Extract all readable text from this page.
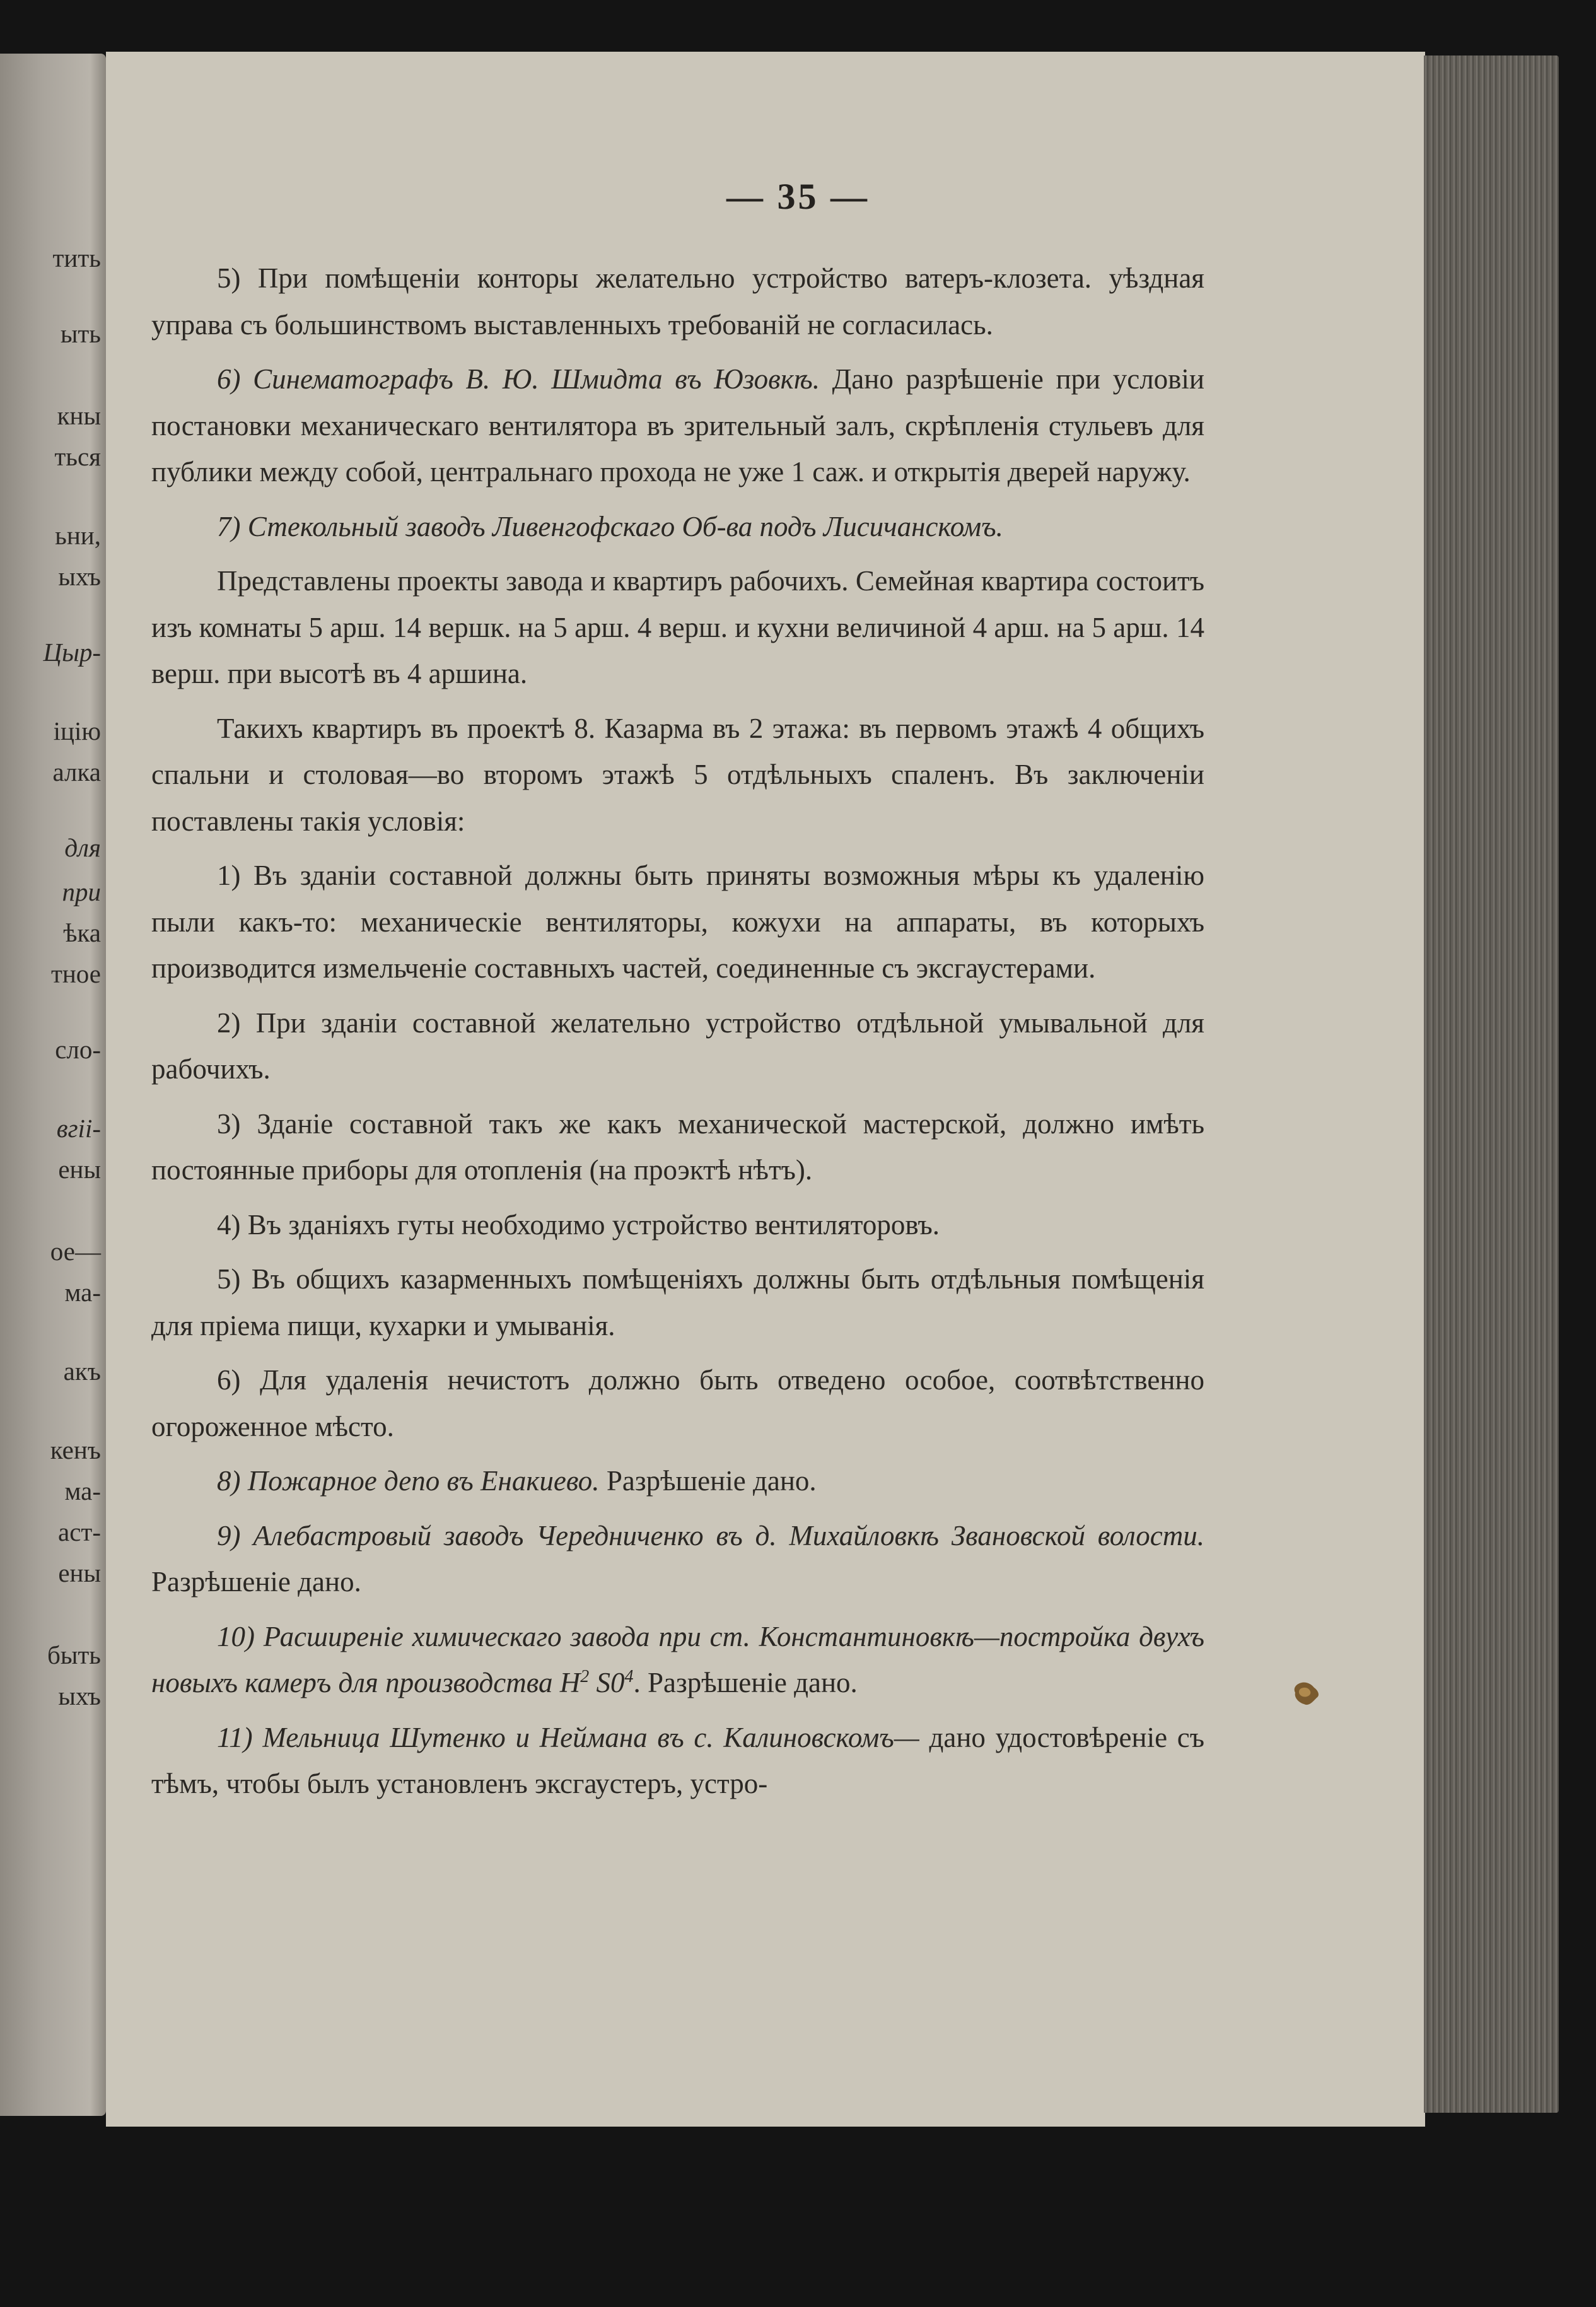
тить
ыть
кны
ться
ьни,
ыхъ
Цыр-
іцію
алка
для
при
ѣка
тное
сло-
вгіі-
ены
ое—
ма-
акъ
кенъ
ма-
аст-
ены
быть
ыхъ
— 35 —

5) При помѣщеніи конторы желательно устройство ватеръ-клозета. уѣздная управа съ большинствомъ выставленныхъ требованій не согласилась.

6) Синематографъ В. Ю. Шмидта въ Юзовкѣ. Дано разрѣшеніе при условіи постановки механическаго вентилятора въ зрительный залъ, скрѣпленія стульевъ для публики между собой, центральнаго прохода не уже 1 саж. и открытія дверей наружу.

7) Стекольный заводъ Ливенгофскаго Об-ва подъ Лисичанскомъ.

Представлены проекты завода и квартиръ рабочихъ. Семейная квартира состоитъ изъ комнаты 5 арш. 14 вершк. на 5 арш. 4 верш. и кухни величиной 4 арш. на 5 арш. 14 верш. при высотѣ въ 4 аршина.

Такихъ квартиръ въ проектѣ 8. Казарма въ 2 этажа: въ первомъ этажѣ 4 общихъ спальни и столовая—во второмъ этажѣ 5 отдѣльныхъ спаленъ. Въ заключеніи поставлены такія условія:

1) Въ зданіи составной должны быть приняты возможныя мѣры къ удаленію пыли какъ-то: механическіе вентиляторы, кожухи на аппараты, въ которыхъ производится измельченіе составныхъ частей, соединенные съ эксгаустерами.

2) При зданіи составной желательно устройство отдѣльной умывальной для рабочихъ.

3) Зданіе составной такъ же какъ механической мастерской, должно имѣть постоянные приборы для отопленія (на проэктѣ нѣтъ).

4) Въ зданіяхъ гуты необходимо устройство вентиляторовъ.

5) Въ общихъ казарменныхъ помѣщеніяхъ должны быть отдѣльныя помѣщенія для пріема пищи, кухарки и умыванія.

6) Для удаленія нечистотъ должно быть отведено особое, соотвѣтственно огороженное мѣсто.

8) Пожарное депо въ Енакиево. Разрѣшеніе дано.

9) Алебастровый заводъ Чередниченко въ д. Михайловкѣ Звановской волости. Разрѣшеніе дано.

10) Расширеніе химическаго завода при ст. Константиновкѣ—постройка двухъ новыхъ камеръ для производства $H^2$ $S0^4$. Разрѣшеніе дано.

11) Мельница Шутенко и Неймана въ с. Калиновскомъ— дано удостовѣреніе съ тѣмъ, чтобы былъ установленъ эксгаустеръ, устро-
